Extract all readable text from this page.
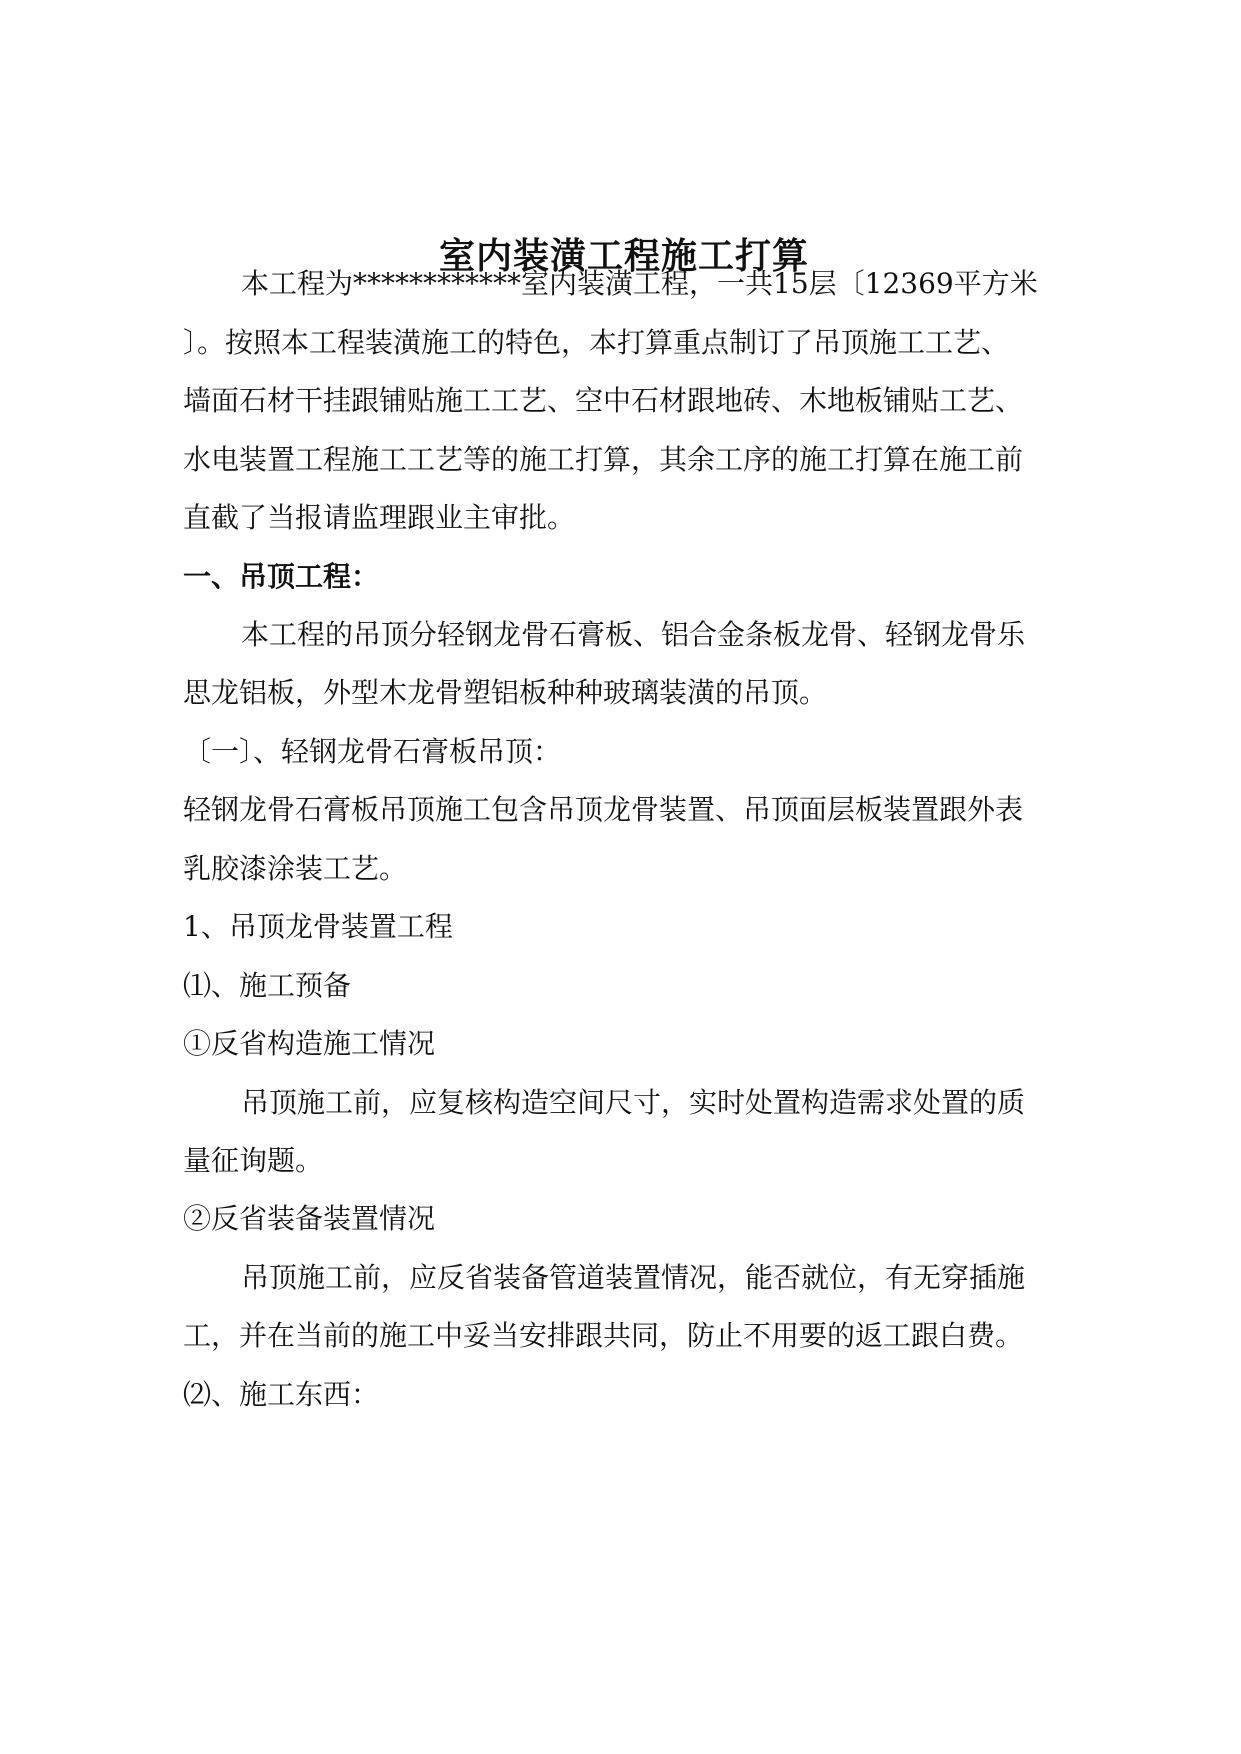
室内装潢工程施工打算
本工程为************室内装潢工程，一共15层〔12369平方米
〕。按照本工程装潢施工的特色，本打算重点制订了吊顶施工工艺、
墙面石材干挂跟铺贴施工工艺、空中石材跟地砖、木地板铺贴工艺、
水电装置工程施工工艺等的施工打算，其余工序的施工打算在施工前
直截了当报请监理跟业主审批。
一、吊顶工程：
本工程的吊顶分轻钢龙骨石膏板、铝合金条板龙骨、轻钢龙骨乐
思龙铝板，外型木龙骨塑铝板种种玻璃装潢的吊顶。
〔一〕、轻钢龙骨石膏板吊顶：
轻钢龙骨石膏板吊顶施工包含吊顶龙骨装置、吊顶面层板装置跟外表
乳胶漆涂装工艺。
1、吊顶龙骨装置工程
⑴、施工预备
①反省构造施工情况
吊顶施工前，应复核构造空间尺寸，实时处置构造需求处置的质
量征询题。
②反省装备装置情况
吊顶施工前，应反省装备管道装置情况，能否就位，有无穿插施
工，并在当前的施工中妥当安排跟共同，防止不用要的返工跟白费。
⑵、施工东西：
